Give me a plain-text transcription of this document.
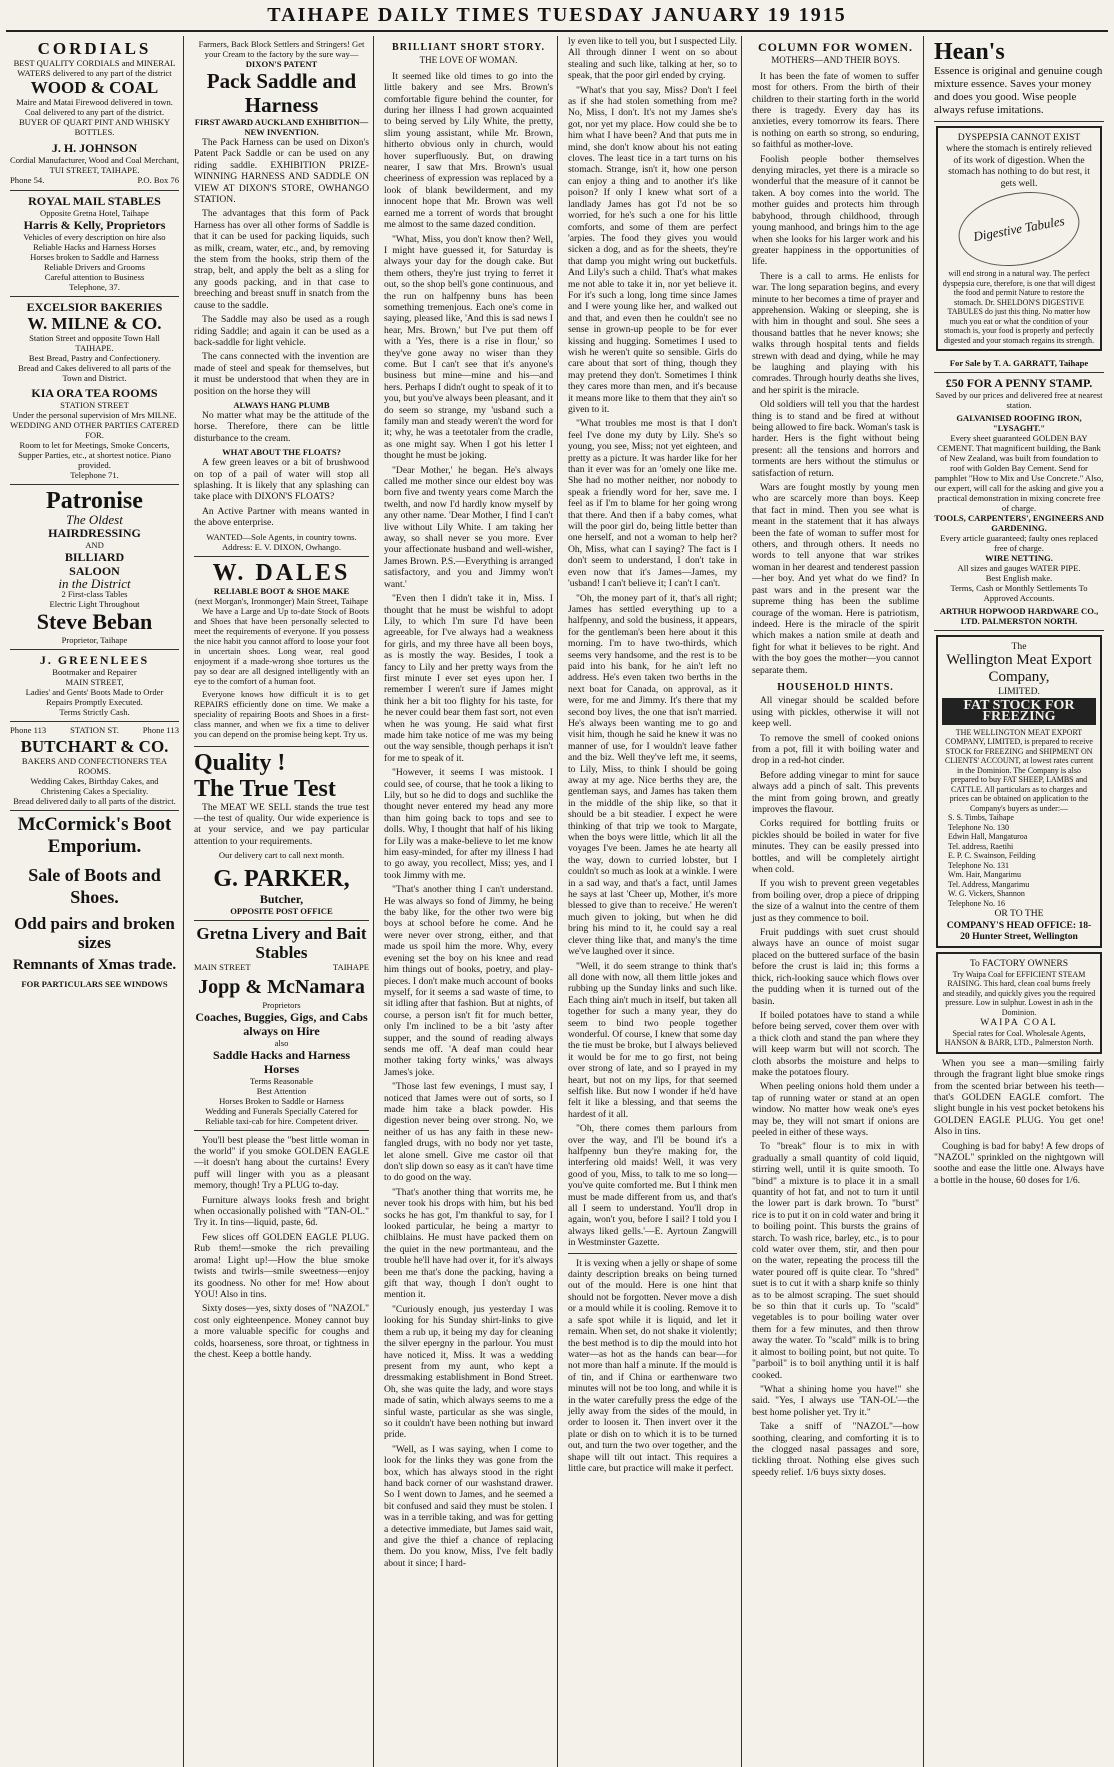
TAIHAPE DAILY TIMES TUESDAY JANUARY 19 1915
CORDIALS
BEST QUALITY CORDIALS and MINERAL WATERS delivered to any part of the district
WOOD & COAL
Maire and Matai Firewood delivered in town. Coal delivered to any part of the district.
BUYER OF QUART PINT AND WHISKY BOTTLES.
J. H. JOHNSON
Cordial Manufacturer, Wood and Coal Merchant,
TUI STREET, TAIHAPE.
Phone 54.	P.O. Box 76
ROYAL MAIL STABLES
Opposite Gretna Hotel, Taihape
Harris & Kelly, Proprietors
Vehicles of every description on hire also
Reliable Hacks and Harness Horses
Horses broken to Saddle and Harness
Reliable Drivers and Grooms
Careful attention to Business
Telephone, 37.
EXCELSIOR BAKERIES
W. MILNE & CO.
Station Street and opposite Town Hall TAIHAPE.
Best Bread, Pastry and Confectionery.
Bread and Cakes delivered to all parts of the Town and District.
KIA ORA TEA ROOMS
STATION STREET
Under the personal supervision of Mrs MILNE.
WEDDING AND OTHER PARTIES CATERED FOR.
Room to let for Meetings, Smoke Concerts, Supper Parties, etc., at shortest notice. Piano provided.
Telephone 71.
Patronise
The Oldest
HAIRDRESSING
AND
BILLIARD
SALOON
in the District
2 First-class Tables
Electric Light Throughout
Steve Beban
Proprietor, Taihape
J. GREENLEES
Bootmaker and Repairer
MAIN STREET,
Ladies' and Gents' Boots Made to Order
Repairs Promptly Executed.
Terms Strictly Cash.
Phone 113	STATION ST.	Phone 113
BUTCHART & CO.
BAKERS AND CONFECTIONERS TEA ROOMS.
Wedding Cakes, Birthday Cakes, and Christening Cakes a Speciality.
Bread delivered daily to all parts of the district.
McCormick's Boot Emporium.
Sale of Boots and Shoes.
Odd pairs and broken sizes
Remnants of Xmas trade.
FOR PARTICULARS SEE WINDOWS
Farmers, Back Block Settlers and Stringers! Get your Cream to the factory by the sure way—
DIXON'S PATENT
Pack Saddle and Harness
FIRST AWARD AUCKLAND EXHIBITION—NEW INVENTION.

The Pack Harness can be used on Dixon's Patent Pack Saddle or can be used on any riding saddle. EXHIBITION PRIZE-WINNING HARNESS AND SADDLE ON VIEW AT DIXON'S STORE, OWHANGO STATION.

The advantages that this form of Pack Harness has over all other forms of Saddle is that it can be used for packing liquids, such as milk, cream, water, etc., and, by removing the stem from the hooks, strip them of the strap, belt, and apply the belt as a sling for any goods packing, and in that case to breeching and breast snuff in snatch from the cause to the saddle.

The Saddle may also be used as a rough riding Saddle; and again it can be used as a back-saddle for light vehicle.

The cans connected with the invention are made of steel and speak for themselves, but it must be understood that when they are in position on the horse they will

ALWAYS HANG PLUMB

No matter what may be the attitude of the horse. Therefore, there can be little disturbance to the cream.

WHAT ABOUT THE FLOATS?

A few green leaves or a bit of brushwood on top of a pail of water will stop all splashing. It is likely that any splashing can take place with DIXON'S FLOATS?

An Active Partner with means wanted in the above enterprise.

WANTED—Sole Agents, in country towns.
Address: E. V. DIXON, Owhango.
W. DALES
RELIABLE BOOT & SHOE MAKE
(next Morgan's, Ironmonger) Main Street, Taihape

We have a Large and Up to-date Stock of Boots and Shoes that have been personally selected to meet the requirements of everyone. If you possess the nice habit you cannot afford to loose your foot in uncertain shoes. Long wear, real good enjoyment if a made-wrong shoe tortures us the pay so dear are all designed intelligently with an eye to the comfort of a human foot.

Everyone knows how difficult it is to get REPAIRS efficiently done on time. We make a speciality of repairing Boots and Shoes in a first-class manner, and when we fix a time to deliver you can depend on the promise being kept. Try us.

Quality !
The True Test

The MEAT WE SELL stands the true test—the test of quality. Our wide experience is at your service, and we pay particular attention to your requirements.

Our delivery cart to call next month.
G. PARKER,
Butcher,
OPPOSITE POST OFFICE
Gretna Livery and Bait Stables
MAIN STREET	TAIHAPE
Jopp & McNamara
Proprietors
Coaches, Buggies, Gigs, and Cabs always on Hire
also
Saddle Hacks and Harness Horses
Terms Reasonable
Best Attention
Horses Broken to Saddle or Harness
Wedding and Funerals Specially Catered for
Reliable taxi-cab for hire. Competent driver.

You'll best please the "best little woman in the world" if you smoke GOLDEN EAGLE—it doesn't hang about the curtains! Every puff will linger with you as a pleasant memory, though! Try a PLUG to-day.

Furniture always looks fresh and bright when occasionally polished with "TAN-OL." Try it. In tins—liquid, paste, 6d.

Few slices off GOLDEN EAGLE PLUG. Rub them!—smoke the rich prevailing aroma! Light up!—How the blue smoke twists and twirls—smile sweetness—enjoy its goodness. No other for me! How about YOU! Also in tins.

Sixty doses—yes, sixty doses of "NAZOL" cost only eighteenpence. Money cannot buy a more valuable specific for coughs and colds, hoarseness, sore throat, or tightness in the chest. Keep a bottle handy.

BRILLIANT SHORT STORY.
THE LOVE OF WOMAN.

It seemed like old times to go into the little bakery and see Mrs. Brown's comfortable figure behind the counter, for during her illness I had grown acquainted to being served by Lily White, the pretty, slim young assistant, while Mr. Brown, hitherto obvious only in church, would hover superfluously. But, on drawing nearer, I saw that Mrs. Brown's usual cheeriness of expression was replaced by a look of blank bewilderment, and my innocent hope that Mr. Brown was well earned me a torrent of words that brought me almost to the same dazed condition.

"What, Miss, you don't know then? Well, I might have guessed it, for Saturday is always your day for the dough cake. But them others, they're just trying to ferret it out, so the shop bell's gone continuous, and the run on halfpenny buns has been something tremenjous. Each one's come in saying, pleased like, 'And this is sad news I hear, Mrs. Brown,' but I've put them off with a 'Yes, there is a rise in flour,' so they've gone away no wiser than they come. But I can't see that it's anyone's business but mine—mine and his—and hers. Perhaps I didn't ought to speak of it to you, but you've always been pleasant, and it do seem so strange, my 'usband such a family man and steady weren't the word for it; why, he was a teetotaler from the cradle, as one might say. When I got his letter I thought he must be joking.

"Dear Mother,' he began. He's always called me mother since our eldest boy was born five and twenty years come March the twelth, and now I'd hardly know myself by any other name. 'Dear Mother, I find I can't live without Lily White. I am taking her away, so shall never se you more. Ever your affectionate husband and well-wisher, James Brown. P.S.—Everything is arranged satisfactory, and you and Jimmy won't want.'

"Even then I didn't take it in, Miss. I thought that he must be wishful to adopt Lily, to which I'm sure I'd have been agreeable, for I've always had a weakness for girls, and my three have all been boys, as is mostly the way. Besides, I took a fancy to Lily and her pretty ways from the first minute I ever set eyes upon her. I remember I weren't sure if James might think her a bit too flighty for his taste, for he never could bear them fast sort, not even when he was young. He said what first made him take notice of me was my being out the way sensible, though perhaps it isn't for me to speak of it.

"However, it seems I was mistook. I could see, of course, that he took a liking to Lily, but so he did to dogs and suchlike the thought never entered my head any more than him going back to tops and see to dolls. Why, I thought that half of his liking for Lily was a make-believe to let me know him easy-minded, for after my illness I had to go away, you recollect, Miss; yes, and I took Jimmy with me.

"That's another thing I can't understand. He was always so fond of Jimmy, he being the baby like, for the other two were big boys at school before he come. And he were never over strong, either, and that made us spoil him the more. Why, every evening set the boy on his knee and read him things out of books, poetry, and play-pieces. I don't make much account of books myself, for it seems a sad waste of time, to sit idling after that fashion. But at nights, of course, a person isn't fit for much better, only I'm inclined to be a bit 'asty after supper, and the sound of reading always sends me off. 'A deaf man could hear mother taking forty winks,' was always James's joke.

"Those last few evenings, I must say, I noticed that James were out of sorts, so I made him take a black powder. His digestion never being over strong. No, we neither of us has any faith in these new-fangled drugs, with no body nor yet taste, let alone smell. Give me castor oil that don't slip down so easy as it can't have time to do good on the way.

"That's another thing that worrits me, he never took his drops with him, but his bed socks he has got, I'm thankful to say, for I looked particular, he being a martyr to chilblains. He must have packed them on the quiet in the new portmanteau, and the trouble he'll have had over it, for it's always been me that's done the packing, having a gift that way, though I don't ought to mention it.

"Curiously enough, jus yesterday I was looking for his Sunday shirt-links to give them a rub up, it being my day for cleaning the silver epergny in the parlour. You must have noticed it, Miss. It was a wedding present from my aunt, who kept a dressmaking establishment in Bond Street. Oh, she was quite the lady, and wore stays made of satin, which always seems to me a sinful waste, particular as she was single, so it couldn't have been nothing but inward pride.

"Well, as I was saying, when I come to look for the links they was gone from the box, which has always stood in the right hand back corner of our washstand drawer. So I went down to James, and he seemed a bit confused and said they must be stolen. I was in a terrible taking, and was for getting a detective immediate, but James said wait, and give the thief a chance of replacing them. Do you know, Miss, I've felt badly about it since; I hard-

ly even like to tell you, but I suspected Lily. All through dinner I went on so about stealing and such like, talking at her, so to speak, that the poor girl ended by crying.

"What's that you say, Miss? Don't I feel as if she had stolen something from me? No, Miss, I don't. It's not my James she's got, nor yet my place. How could she be to him what I have been? And that puts me in mind, she don't know about his not eating cloves. The least tice in a tart turns on his stomach. Strange, isn't it, how one person can enjoy a thing and to another it's like poison? If only I knew what sort of a landlady James has got I'd not be so worried, for he's such a one for his little comforts, and some of them are perfect 'arpies. The food they gives you would sicken a dog, and as for the sheets, they're that damp you might wring out bucketfuls. And Lily's such a child. That's what makes me not able to take it in, nor yet believe it. For it's such a long, long time since James and I were young like her, and walked out and that, and even then he couldn't see no sense in grown-up people to be for ever kissing and hugging. Sometimes I used to wish he weren't quite so sensible. Girls do care about that sort of thing, though they may pretend they don't. Sometimes I think they cares more than men, and it's because it means more like to them that they ain't so given to it.

"What troubles me most is that I don't feel I've done my duty by Lily. She's so young, you see, Miss; not yet eighteen, and pretty as a picture. It was harder like for her than it ever was for an 'omely one like me. She had no mother neither, nor nobody to speak a friendly word for her, save me. I feel as if I'm to blame for her going wrong that there. And then if a baby comes, what will the poor girl do, being little better than one herself, and not a woman to help her? Oh, Miss, what can I saying? The fact is I don't seem to understand, I don't take in even now that it's James—James, my 'usband! I can't believe it; I can't I can't.

"Oh, the money part of it, that's all right; James has settled everything up to a halfpenny, and sold the business, it appears, for the gentleman's been here about it this morning. I'm to have two-thirds, which seems very handsome, and the rest is to be paid into his bank, for he ain't left no address. He's even taken two berths in the next boat for Canada, on approval, as it were, for me and Jimmy. It's there that my second boy lives, the one that isn't married. He's always been wanting me to go and visit him, though he said he knew it was no manner of use, for I wouldn't leave father and the biz. Well they've left me, it seems, to Lily, Miss, to think I should be going away at my age. Nice berths they are, the gentleman says, and James has taken them in the middle of the ship like, so that it should be a bit steadier. I expect he were thinking of that trip we took to Margate, when the boys were little, which lit all the voyages I've been. James he ate hearty all the way, down to curried lobster, but I couldn't so much as look at a winkle. I were in a sad way, and that's a fact, until James he says at last 'Cheer up, Mother, it's more blessed to give than to receive.' He weren't much given to joking, but when he did bring his mind to it, he could say a real clever thing like that, and many's the time we've laughed over it since.

"Well, it do seem strange to think that's all done with now, all them little jokes and rubbing up the Sunday links and such like. Each thing ain't much in itself, but taken all together for such a many year, they do seem to bind two people together wonderful. Of course, I knew that some day the tie must be broke, but I always believed it would be for me to go first, not being over strong of late, and so I prayed in my heart, but not on my lips, for that seemed selfish like. But now I wonder if he'd have felt it like a blessing, and that seems the hardest of it all.

"Oh, there comes them parlours from over the way, and I'll be bound it's a halfpenny bun they're making for, the interfering old maids! Well, it was very good of you, Miss, to talk to me so long—you've quite comforted me. But I think men must be made different from us, and that's all I seem to understand. You'll drop in again, won't you, before I sail? I told you I always liked gells.'—E. Ayrtoun Zangwill in Westminster Gazette.

It is vexing when a jelly or shape of some dainty description breaks on being turned out of the mould. Here is one hint that should not be forgotten. Never move a dish or a mould while it is cooling. Remove it to a safe spot while it is liquid, and let it remain. When set, do not shake it violently; the best method is to dip the mould into hot water—as hot as the hands can bear—for not more than half a minute. If the mould is of tin, and if China or earthenware two minutes will not be too long, and while it is in the water carefully press the edge of the jelly away from the sides of the mould, in order to loosen it. Then invert over it the plate or dish on to which it is to be turned out, and turn the two over together, and the shape will tilt out intact. This requires a little care, but practice will make it perfect.

COLUMN FOR WOMEN.
MOTHERS—AND THEIR BOYS.

It has been the fate of women to suffer most for others. From the birth of their children to their starting forth in the world there is tragedy. Every day has its anxieties, every tomorrow its fears. There is nothing on earth so strong, so enduring, so faithful as mother-love.

Foolish people bother themselves denying miracles, yet there is a miracle so wonderful that the measure of it cannot be taken. A boy comes into the world. The mother guides and protects him through babyhood, through childhood, through young manhood, and brings him to the age when she looks for his larger work and his greater happiness in the opportunities of life.

There is a call to arms. He enlists for war. The long separation begins, and every minute to her becomes a time of prayer and apprehension. Waking or sleeping, she is with him in thought and soul. She sees a thousand battles that he never knows; she walks through hospital tents and fields strewn with dead and dying, while he may be laughing and playing with his comrades. Through hourly deaths she lives, and her spirit is the miracle.

Old soldiers will tell you that the hardest thing is to stand and be fired at without being allowed to fire back. Woman's task is harder. Hers is the fight without being present: all the tensions and horrors and torments are hers without the stimulus or satisfaction of return.

Wars are fought mostly by young men who are scarcely more than boys. Keep that fact in mind. Then you see what is meant in the statement that it has always been the fate of woman to suffer most for others, and through others. It needs no words to tell anyone that war strikes woman in her dearest and tenderest passion—her boy. And yet what do we find? In past wars and in the present war the supreme thing has been the sublime courage of the woman. Here is patriotism, indeed. Here is the miracle of the spirit which makes a nation smile at death and fight for what it believes to be right. And with the boy goes the mother—you cannot separate them.

HOUSEHOLD HINTS.

All vinegar should be scalded before using with pickles, otherwise it will not keep well.

To remove the smell of cooked onions from a pot, fill it with boiling water and drop in a red-hot cinder.

Before adding vinegar to mint for sauce always add a pinch of salt. This prevents the mint from going brown, and greatly improves the flavour.

Corks required for bottling fruits or pickles should be boiled in water for five minutes. They can be easily pressed into bottles, and will be completely airtight when cold.

If you wish to prevent green vegetables from boiling over, drop a piece of dripping the size of a walnut into the centre of them just as they commence to boil.

Fruit puddings with suet crust should always have an ounce of moist sugar placed on the buttered surface of the basin before the crust is laid in; this forms a thick, rich-looking sauce which flows over the pudding when it is turned out of the basin.

If boiled potatoes have to stand a while before being served, cover them over with a thick cloth and stand the pan where they will keep warm but will not scorch. The cloth absorbs the moisture and helps to make the potatoes floury.

When peeling onions hold them under a tap of running water or stand at an open window. No matter how weak one's eyes may be, they will not smart if onions are peeled in either of these ways.

To "break" flour is to mix in with gradually a small quantity of cold liquid, stirring well, until it is quite smooth. To "bind" a mixture is to place it in a small quantity of hot fat, and not to turn it until the lower part is dark brown. To "burst" rice is to put it on in cold water and bring it to boiling point. This bursts the grains of starch. To wash rice, barley, etc., is to pour cold water over them, stir, and then pour on the water, repeating the process till the water poured off is quite clear. To "shred" suet is to cut it with a sharp knife so thinly as to be almost scraping. The suet should be so thin that it curls up. To "scald" vegetables is to pour boiling water over them for a few minutes, and then throw away the water. To "scald" milk is to bring it almost to boiling point, but not quite. To "parboil" is to boil anything until it is half cooked.

"What a shining home you have!" she said. "Yes, I always use 'TAN-OL'—the best home polisher yet. Try it."

Take a sniff of "NAZOL"—how soothing, clearing, and comforting it is to the clogged nasal passages and sore, tickling throat. Nothing else gives such speedy relief. 1/6 buys sixty doses.

Hean's
Essence is original and genuine cough mixture essence. Saves your money and does you good. Wise people always refuse imitations.
DYSPEPSIA CANNOT EXIST
where the stomach is entirely relieved of its work of digestion. When the stomach has nothing to do but rest, it gets well.
Digestive Tabules
will end strong in a natural way. The perfect dyspepsia cure, therefore, is one that will digest the food and permit Nature to restore the stomach. Dr. SHELDON'S DIGESTIVE TABULES do just this thing. No matter how much you eat or what the condition of your stomach is, your food is properly and perfectly digested and your stomach regains its strength.
For Sale by T. A. GARRATT, Taihape
£50 FOR A PENNY STAMP.
Saved by our prices and delivered free at nearest station.
GALVANISED ROOFING IRON, "LYSAGHT."
Every sheet guaranteed GOLDEN BAY CEMENT. That magnificent building, the Bank of New Zealand, was built from foundation to roof with Golden Bay Cement. Send for pamphlet "How to Mix and Use Concrete." Also, our expert, will call for the asking and give you a practical demonstration in mixing concrete free of charge.
TOOLS, CARPENTERS', ENGINEERS AND GARDENING.
Every article guaranteed; faulty ones replaced free of charge.
WIRE NETTING.
All sizes and gauges WATER PIPE.
Best English make.
Terms, Cash or Monthly Settlements To Approved Accounts.
ARTHUR HOPWOOD HARDWARE CO., LTD. PALMERSTON NORTH.
The
Wellington Meat Export Company,
LIMITED.
FAT STOCK FOR FREEZING
THE WELLINGTON MEAT EXPORT COMPANY, LIMITED, is prepared to receive STOCK for FREEZING and SHIPMENT ON CLIENTS' ACCOUNT, at lowest rates current in the Dominion. The Company is also prepared to buy FAT SHEEP, LAMBS and CATTLE. All particulars as to charges and prices can be obtained on application to the Company's buyers as under:—
S. S. Timbs, Taihape
Telephone No. 130
Edwin Hall, Mangaturoa
Tel. address, Raetihi
E. P. C. Swainson, Feilding
Telephone No. 131
Wm. Hair, Mangarimu
Tel. Address, Mangarimu
W. G. Vickers, Shannon
Telephone No. 16
OR TO THE
COMPANY'S HEAD OFFICE: 18-20 Hunter Street, Wellington
To FACTORY OWNERS
Try Waipa Coal for EFFICIENT STEAM RAISING. This hard, clean coal burns freely and steadily, and quickly gives you the required pressure. Low in sulphur. Lowest in ash in the Dominion.
WAIPA COAL
Special rates for Coal. Wholesale Agents, HANSON & BARR, LTD., Palmerston North.

When you see a man—smiling fairly through the fragrant light blue smoke rings from the scented briar between his teeth—that's GOLDEN EAGLE comfort. The slight bungle in his vest pocket betokens his GOLDEN EAGLE PLUG. You get one! Also in tins.

Coughing is bad for baby! A few drops of "NAZOL" sprinkled on the nightgown will soothe and ease the little one. Always have a bottle in the house, 60 doses for 1/6.
